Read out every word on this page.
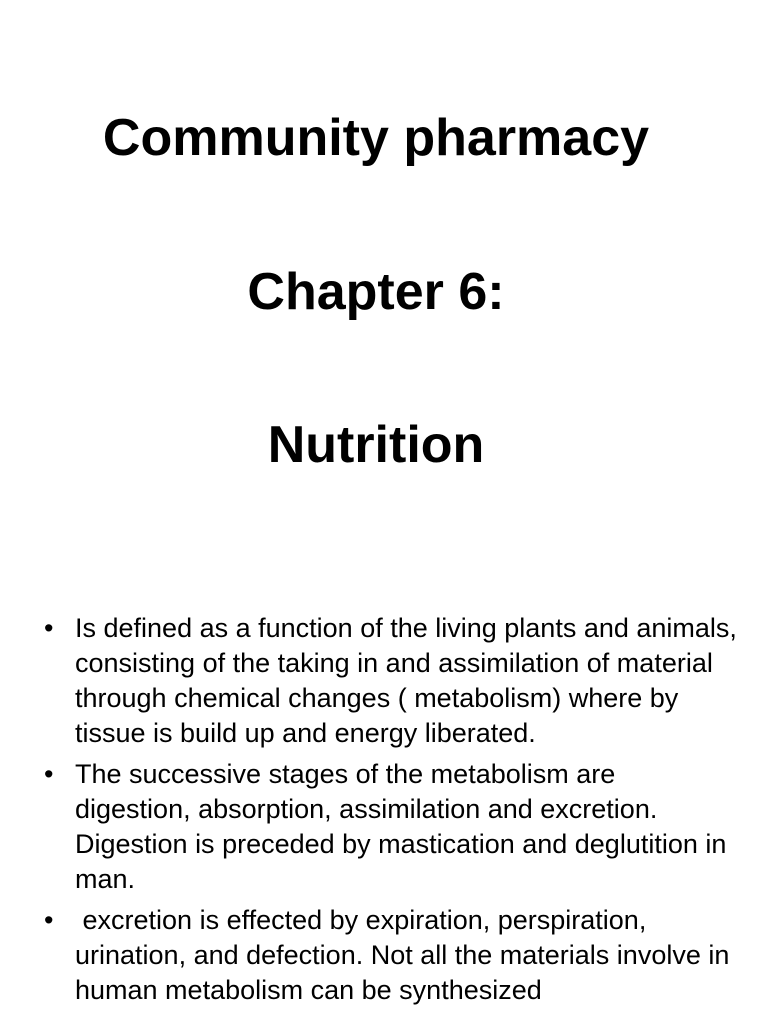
Community pharmacy
Chapter 6:
Nutrition
• Is defined as a function of the living plants and animals, consisting of the taking in and assimilation of material through chemical changes ( metabolism) where by tissue is build up and energy liberated.
• The successive stages of the metabolism are digestion, absorption, assimilation and excretion. Digestion is preceded by mastication and deglutition in man.
• excretion is effected by expiration, perspiration, urination, and defection. Not all the materials involve in human metabolism can be synthesized
